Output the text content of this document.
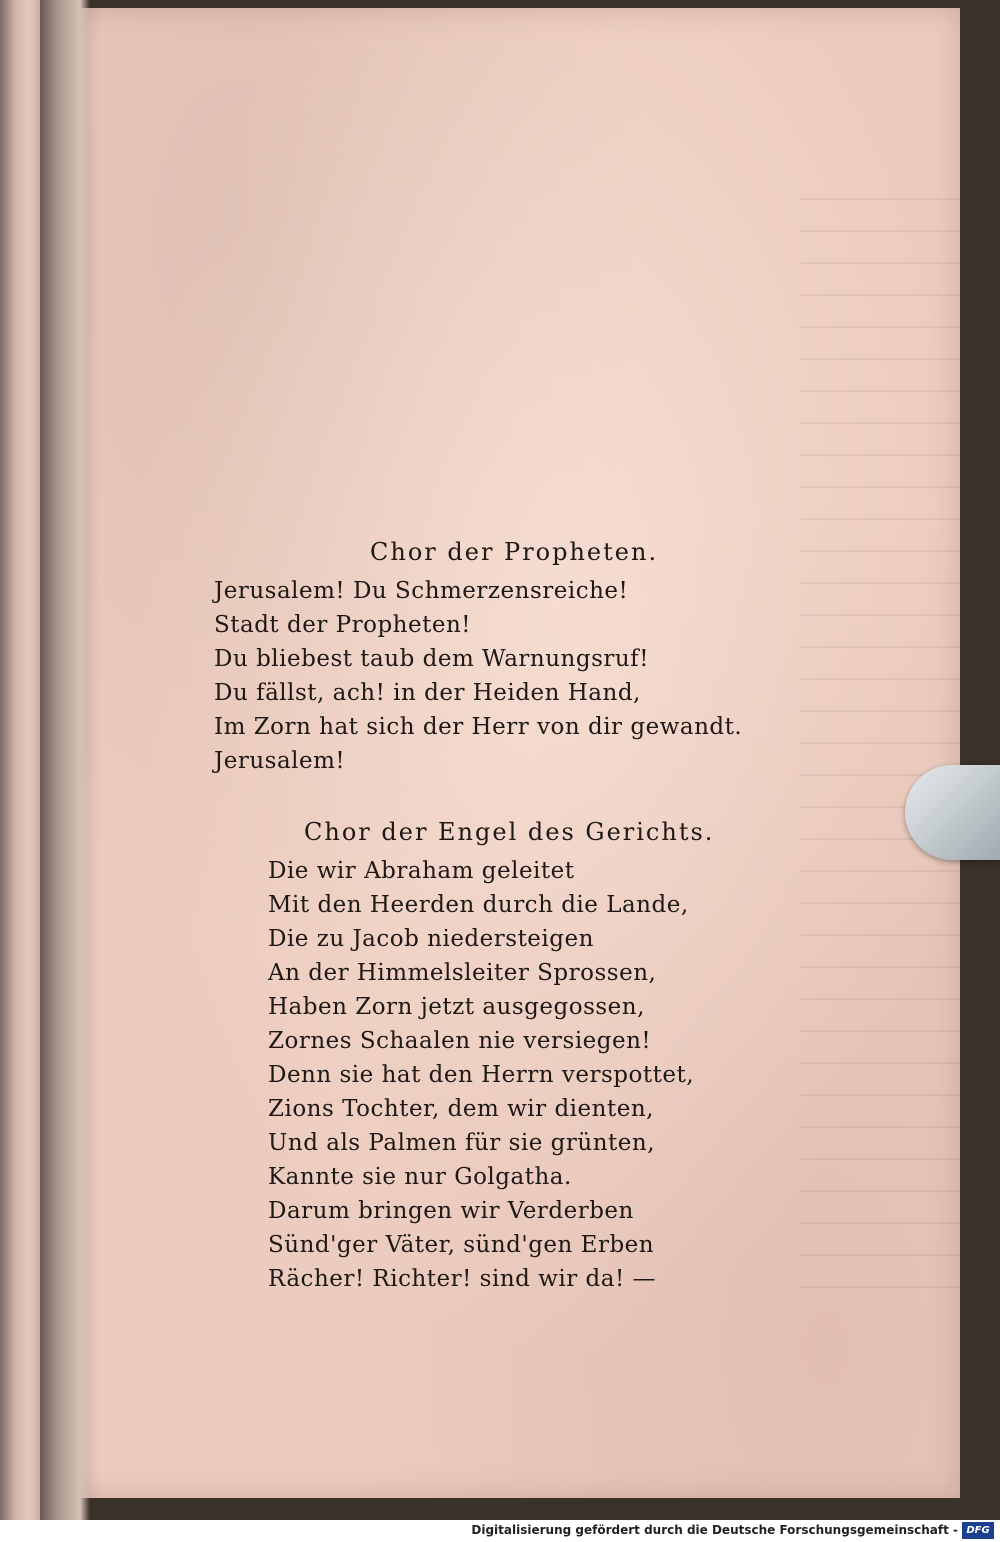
Chor der Propheten.
Jerusalem! Du Schmerzensreiche!
Stadt der Propheten!
Du bliebest taub dem Warnungsruf!
Du fällst, ach! in der Heiden Hand,
Im Zorn hat sich der Herr von dir gewandt.
Jerusalem!
Chor der Engel des Gerichts.
Die wir Abraham geleitet
Mit den Heerden durch die Lande,
Die zu Jacob niedersteigen
An der Himmelsleiter Sprossen,
Haben Zorn jetzt ausgegossen,
Zornes Schaalen nie versiegen!
Denn sie hat den Herrn verspottet,
Zions Tochter, dem wir dienten,
Und als Palmen für sie grünten,
Kannte sie nur Golgatha.
Darum bringen wir Verderben
Sünd'ger Väter, sünd'gen Erben
Rächer! Richter! sind wir da! —
Digitalisierung gefördert durch die Deutsche Forschungsgemeinschaft - DFG
